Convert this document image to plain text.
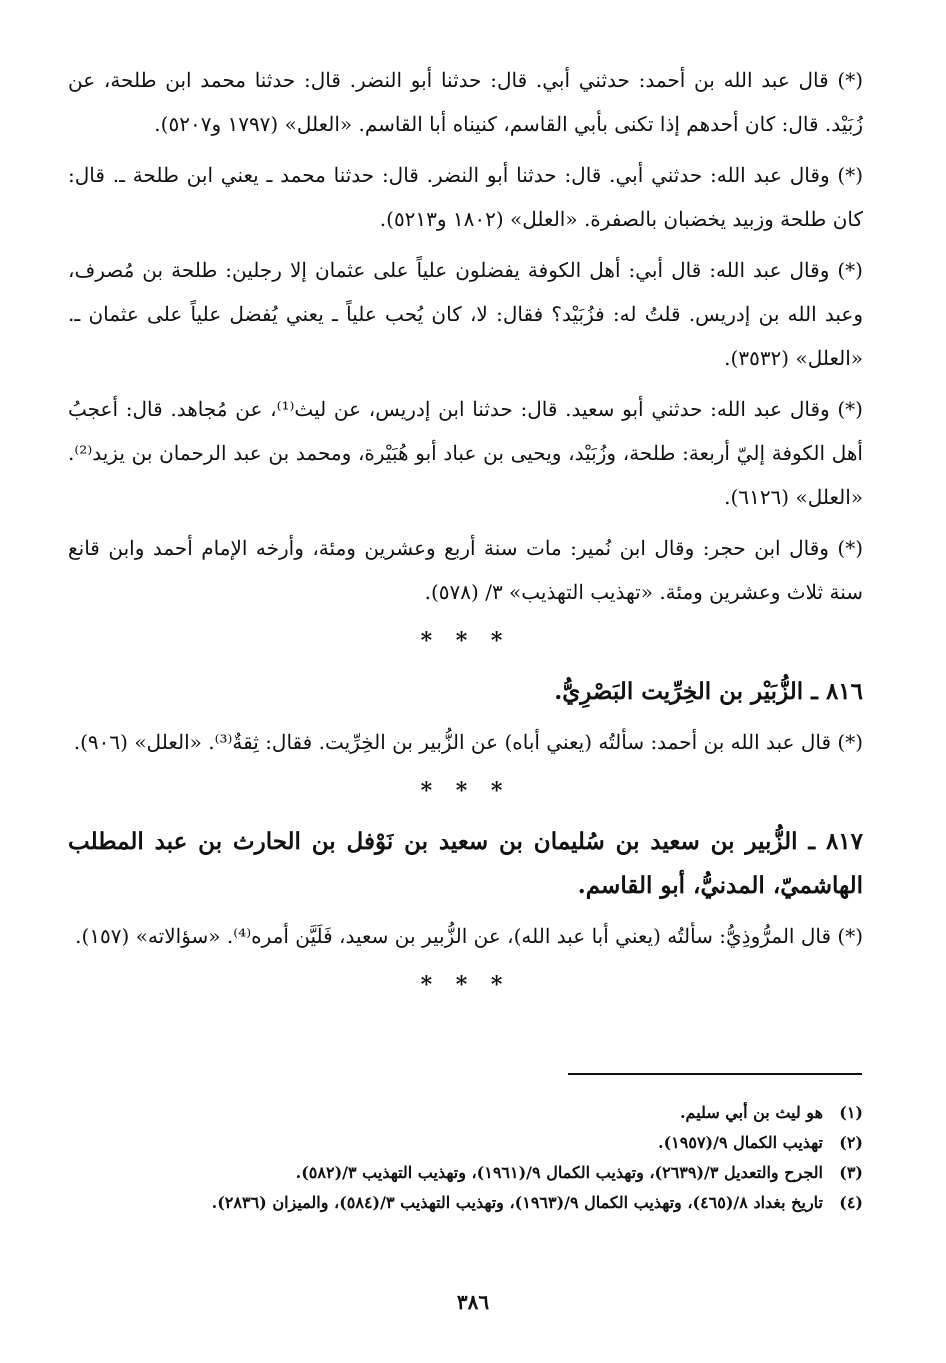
(*) قال عبد الله بن أحمد: حدثني أبي. قال: حدثنا أبو النضر. قال: حدثنا محمد ابن طلحة، عن زُبَيْد. قال: كان أحدهم إذا تكنى بأبي القاسم، كنيناه أبا القاسم. «العلل» (١٧٩٧ و٥٢٠٧).

(*) وقال عبد الله: حدثني أبي. قال: حدثنا أبو النضر. قال: حدثنا محمد ـ يعني ابن طلحة ـ. قال: كان طلحة وزبيد يخضبان بالصفرة. «العلل» (١٨٠٢ و٥٢١٣).

(*) وقال عبد الله: قال أبي: أهل الكوفة يفضلون علياً على عثمان إلا رجلين: طلحة بن مُصرف، وعبد الله بن إدريس. قلتُ له: فزُبَيْد؟ فقال: لا، كان يُحب علياً ـ يعني يُفضل علياً على عثمان ـ. «العلل» (٣٥٣٢).

(*) وقال عبد الله: حدثني أبو سعيد. قال: حدثنا ابن إدريس، عن ليث⁽¹⁾، عن مُجاهد. قال: أعجبُ أهل الكوفة إليّ أربعة: طلحة، وزُبَيْد، ويحيى بن عباد أبو هُبَيْرة، ومحمد بن عبد الرحمان بن يزيد⁽²⁾. «العلل» (٦١٢٦).

(*) وقال ابن حجر: وقال ابن نُمير: مات سنة أربع وعشرين ومئة، وأرخه الإمام أحمد وابن قانع سنة ثلاث وعشرين ومئة. «تهذيب التهذيب» ٣/ (٥٧٨).

* * *

٨١٦ ـ الزُّبَيْر بن الخِرِّيت البَصْرِيُّ.

(*) قال عبد الله بن أحمد: سألتُه (يعني أباه) عن الزُّبير بن الخِرِّيت. فقال: ثِقةٌ⁽³⁾. «العلل» (٩٠٦).

* * *

٨١٧ ـ الزُّبير بن سعيد بن سُليمان بن سعيد بن نَوْفل بن الحارث بن عبد المطلب الهاشميّ، المدنيُّ، أبو القاسم.

(*) قال المرُّوذِيُّ: سألتُه (يعني أبا عبد الله)، عن الزُّبير بن سعيد، فَلَيَّن أمره⁽⁴⁾. «سؤالاته» (١٥٧).

* * *
(١)
هو ليث بن أبي سليم.
(٢)
تهذيب الكمال ٩/(١٩٥٧).
(٣)
الجرح والتعديل ٣/(٢٦٣٩)، وتهذيب الكمال ٩/(١٩٦١)، وتهذيب التهذيب ٣/(٥٨٢).
(٤)
تاريخ بغداد ٨/(٤٦٥)، وتهذيب الكمال ٩/(١٩٦٣)، وتهذيب التهذيب ٣/(٥٨٤)، والميزان (٢٨٣٦).
٣٨٦
